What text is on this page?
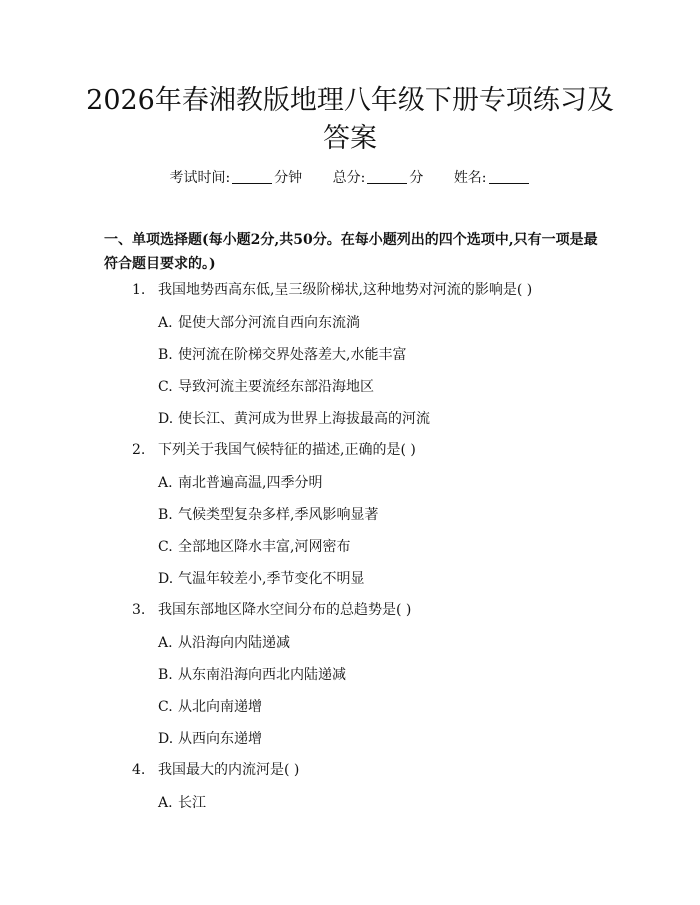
2026年春湘教版地理八年级下册专项练习及答案
考试时间:	分钟 总分:	分 姓名:

一、单项选择题(每小题2分,共50分。在每小题列出的四个选项中,只有一项是最符合题目要求的。)

1. 我国地势西高东低,呈三级阶梯状,这种地势对河流的影响是( )
A. 促使大部分河流自西向东流淌
B. 使河流在阶梯交界处落差大,水能丰富
C. 导致河流主要流经东部沿海地区
D. 使长江、黄河成为世界上海拔最高的河流
2. 下列关于我国气候特征的描述,正确的是( )
A. 南北普遍高温,四季分明
B. 气候类型复杂多样,季风影响显著
C. 全部地区降水丰富,河网密布
D. 气温年较差小,季节变化不明显
3. 我国东部地区降水空间分布的总趋势是( )
A. 从沿海向内陆递减
B. 从东南沿海向西北内陆递减
C. 从北向南递增
D. 从西向东递增
4. 我国最大的内流河是( )
A. 长江
